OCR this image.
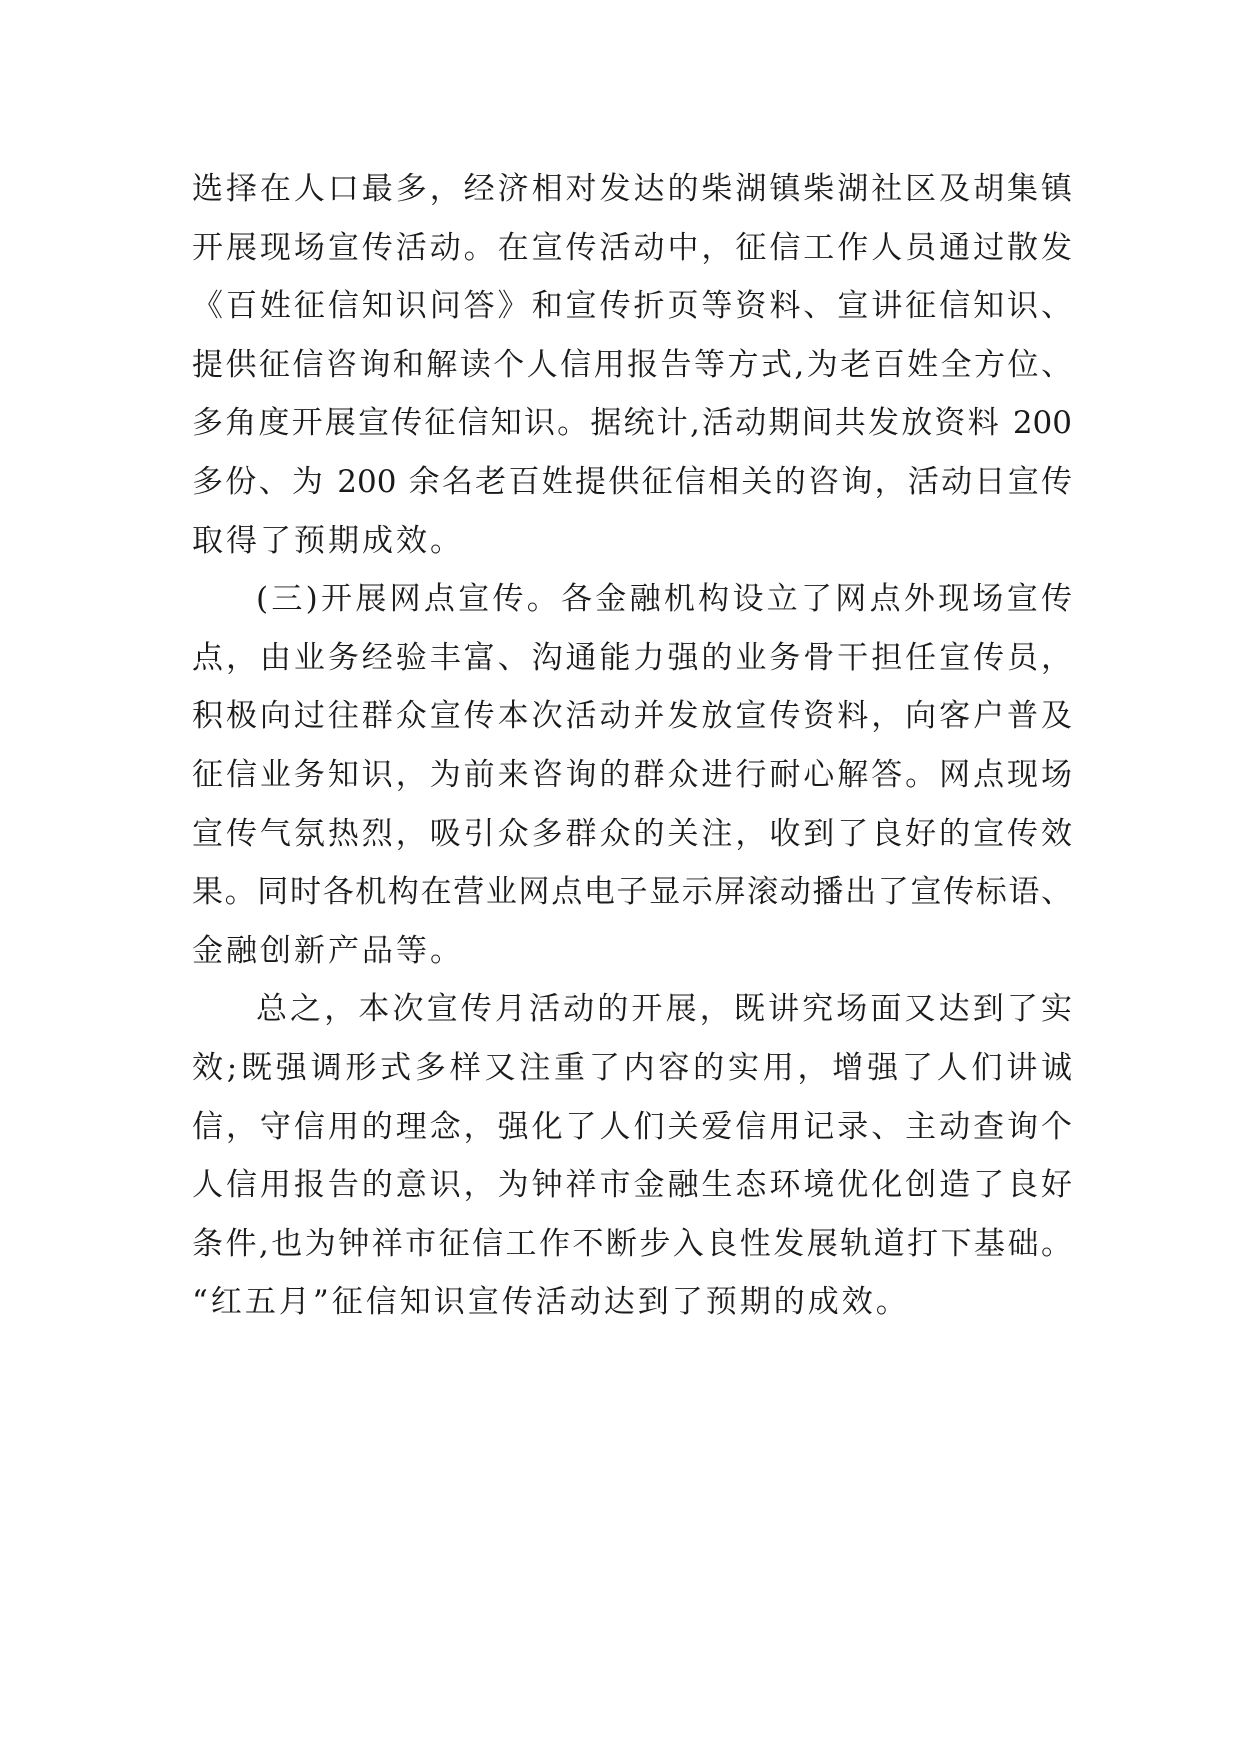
选择在人口最多，经济相对发达的柴湖镇柴湖社区及胡集镇
开展现场宣传活动。在宣传活动中，征信工作人员通过散发
《百姓征信知识问答》和宣传折页等资料、宣讲征信知识、
提供征信咨询和解读个人信用报告等方式,为老百姓全方位、
多角度开展宣传征信知识。据统计,活动期间共发放资料 200
多份、为 200 余名老百姓提供征信相关的咨询，活动日宣传
取得了预期成效。
(三)开展网点宣传。各金融机构设立了网点外现场宣传
点，由业务经验丰富、沟通能力强的业务骨干担任宣传员，
积极向过往群众宣传本次活动并发放宣传资料，向客户普及
征信业务知识，为前来咨询的群众进行耐心解答。网点现场
宣传气氛热烈，吸引众多群众的关注，收到了良好的宣传效
果。同时各机构在营业网点电子显示屏滚动播出了宣传标语、
金融创新产品等。
总之，本次宣传月活动的开展，既讲究场面又达到了实
效;既强调形式多样又注重了内容的实用，增强了人们讲诚
信，守信用的理念，强化了人们关爱信用记录、主动查询个
人信用报告的意识，为钟祥市金融生态环境优化创造了良好
条件,也为钟祥市征信工作不断步入良性发展轨道打下基础。
“红五月”征信知识宣传活动达到了预期的成效。
